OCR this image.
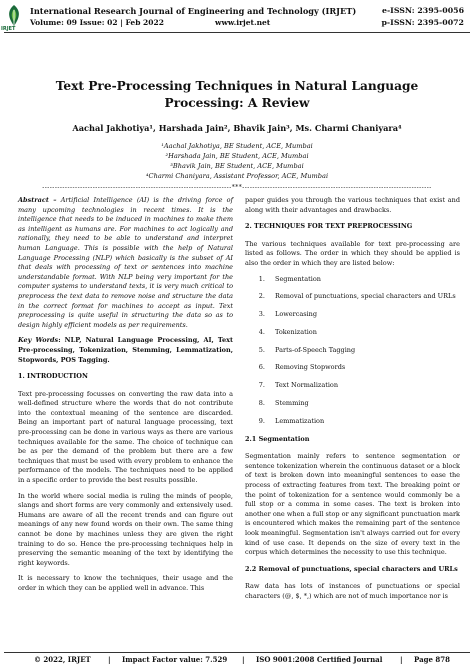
IRJET
International Research Journal of Engineering and Technology (IRJET)
Volume: 09 Issue: 02 | Feb 2022	www.irjet.net
e-ISSN: 2395-0056
p-ISSN: 2395-0072
Text Pre-Processing Techniques in Natural Language Processing: A Review
Aachal Jakhotiya¹, Harshada Jain², Bhavik Jain³, Ms. Charmi Chaniyara⁴
¹Aachal Jakhotiya, BE Student, ACE, Mumbai
²Harshada Jain, BE Student, ACE, Mumbai
³Bhavik Jain, BE Student, ACE, Mumbai
⁴Charmi Chaniyara, Assistant Professor, ACE, Mumbai
---------------------------------------------------------------------------***---------------------------------------------------------------------------

Abstract – Artificial Intelligence (AI) is the driving force of many upcoming technologies in recent times. It is the intelligence that needs to be induced in machines to make them as intelligent as humans are. For machines to act logically and rationally, they need to be able to understand and interpret human Language. This is possible with the help of Natural Language Processing (NLP) which basically is the subset of AI that deals with processing of text or sentences into machine understandable format. With NLP being very important for the computer systems to understand texts, it is very much critical to preprocess the text data to remove noise and structure the data in the correct format for machines to accept as input. Text preprocessing is quite useful in structuring the data so as to design highly efficient models as per requirements.

Key Words: NLP, Natural Language Processing, AI, Text Pre-processing, Tokenization, Stemming, Lemmatization, Stopwords, POS Tagging.

1. INTRODUCTION

Text pre-processing focusses on converting the raw data into a well-defined structure where the words that do not contribute into the contextual meaning of the sentence are discarded. Being an important part of natural language processing, text pre-processing can be done in various ways as there are various techniques available for the same. The choice of technique can be as per the demand of the problem but there are a few techniques that must be used with every problem to enhance the performance of the models. The techniques need to be applied in a specific order to provide the best results possible.

In the world where social media is ruling the minds of people, slangs and short forms are very commonly and extensively used. Humans are aware of all the recent trends and can figure out meanings of any new found words on their own. The same thing cannot be done by machines unless they are given the right training to do so. Hence the pre-processing techniques help in preserving the semantic meaning of the text by identifying the right keywords.

It is necessary to know the techniques, their usage and the order in which they can be applied well in advance. This

paper guides you through the various techniques that exist and along with their advantages and drawbacks.

2. TECHNIQUES FOR TEXT PREPROCESSING

The various techniques available for text pre-processing are listed as follows. The order in which they should be applied is also the order in which they are listed below:

1. Segmentation
2. Removal of punctuations, special characters and URLs
3. Lowercasing
4. Tokenization
5. Parts-of-Speech Tagging
6. Removing Stopwords
7. Text Normalization
8. Stemming
9. Lemmatization

2.1 Segmentation

Segmentation mainly refers to sentence segmentation or sentence tokenization wherein the continuous dataset or a block of text is broken down into meaningful sentences to ease the process of extracting features from text. The breaking point or the point of tokenization for a sentence would commonly be a full stop or a comma in some cases. The text is broken into another one when a full stop or any significant punctuation mark is encountered which makes the remaining part of the sentence look meaningful. Segmentation isn't always carried out for every kind of use case. It depends on the size of every text in the corpus which determines the necessity to use this technique.

2.2 Removal of punctuations, special characters and URLs

Raw data has lots of instances of punctuations or special characters (@, $, *,) which are not of much importance nor is

© 2022, IRJET | Impact Factor value: 7.529 | ISO 9001:2008 Certified Journal	| Page 878
